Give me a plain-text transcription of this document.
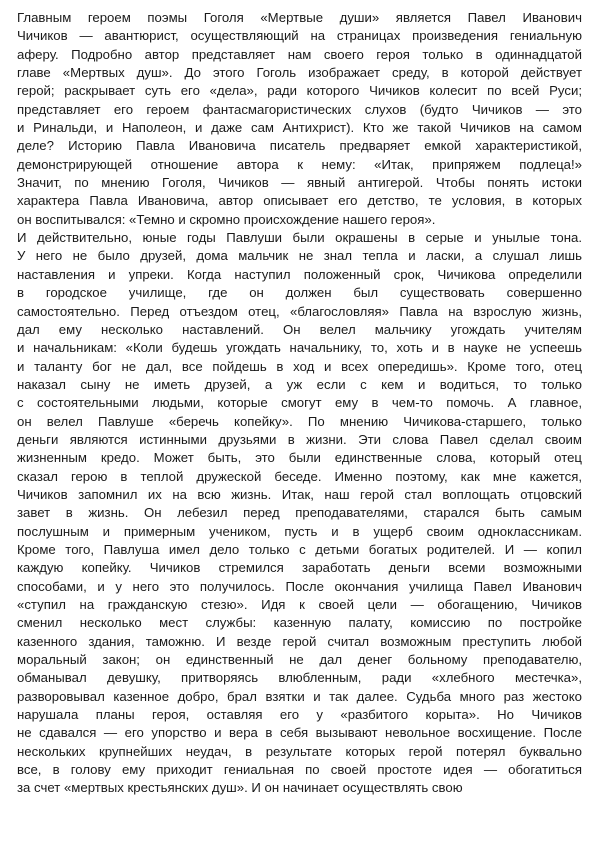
Главным героем поэмы Гоголя «Мертвые души» является Павел Иванович
Чичиков — авантюрист, осуществляющий на страницах произведения гениальную
аферу. Подробно автор представляет нам своего героя только в одиннадцатой
главе «Мертвых душ». До этого Гоголь изображает среду, в которой действует
герой; раскрывает суть его «дела», ради которого Чичиков колесит по всей Руси;
представляет его героем фантасмагористических слухов (будто Чичиков — это
и Ринальди, и Наполеон, и даже сам Антихрист). Кто же такой Чичиков на самом
деле? Историю Павла Ивановича писатель предваряет емкой характеристикой,
демонстрирующей отношение автора к нему: «Итак, припряжем подлеца!»
Значит, по мнению Гоголя, Чичиков — явный антигерой. Чтобы понять истоки
характера Павла Ивановича, автор описывает его детство, те условия, в которых
он воспитывался: «Темно и скромно происхождение нашего героя».
И действительно, юные годы Павлуши были окрашены в серые и унылые тона.
У него не было друзей, дома мальчик не знал тепла и ласки, а слушал лишь
наставления и упреки. Когда наступил положенный срок, Чичикова определили
в городское училище, где он должен был существовать совершенно
самостоятельно. Перед отъездом отец, «благословляя» Павла на взрослую жизнь,
дал ему несколько наставлений. Он велел мальчику угождать учителям
и начальникам: «Коли будешь угождать начальнику, то, хоть и в науке не успеешь
и таланту бог не дал, все пойдешь в ход и всех опередишь». Кроме того, отец
наказал сыну не иметь друзей, а уж если с кем и водиться, то только
с состоятельными людьми, которые смогут ему в чем-то помочь. А главное,
он велел Павлуше «беречь копейку». По мнению Чичикова-старшего, только
деньги являются истинными друзьями в жизни. Эти слова Павел сделал своим
жизненным кредо. Может быть, это были единственные слова, который отец
сказал герою в теплой дружеской беседе. Именно поэтому, как мне кажется,
Чичиков запомнил их на всю жизнь. Итак, наш герой стал воплощать отцовский
завет в жизнь. Он лебезил перед преподавателями, старался быть самым
послушным и примерным учеником, пусть и в ущерб своим одноклассникам.
Кроме того, Павлуша имел дело только с детьми богатых родителей. И — копил
каждую копейку. Чичиков стремился заработать деньги всеми возможными
способами, и у него это получилось. После окончания училища Павел Иванович
«ступил на гражданскую стезю». Идя к своей цели — обогащению, Чичиков
сменил несколько мест службы: казенную палату, комиссию по постройке
казенного здания, таможню. И везде герой считал возможным преступить любой
моральный закон; он единственный не дал денег больному преподавателю,
обманывал девушку, притворяясь влюбленным, ради «хлебного местечка»,
разворовывал казенное добро, брал взятки и так далее. Судьба много раз жестоко
нарушала планы героя, оставляя его у «разбитого корыта». Но Чичиков
не сдавался — его упорство и вера в себя вызывают невольное восхищение. После
нескольких крупнейших неудач, в результате которых герой потерял буквально
все, в голову ему приходит гениальная по своей простоте идея — обогатиться
за счет «мертвых крестьянских душ». И он начинает осуществлять свою
